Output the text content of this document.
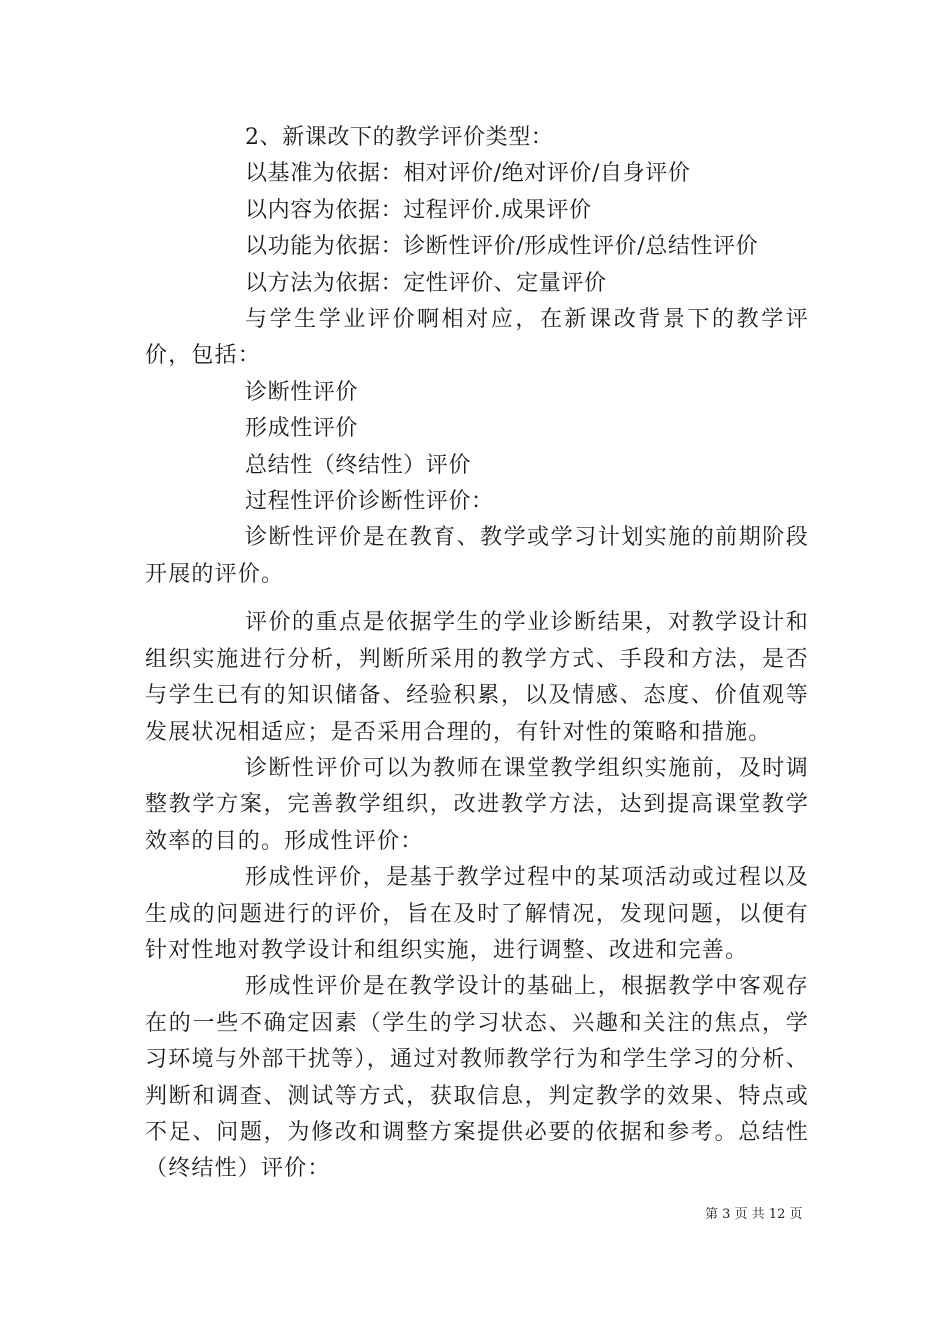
2、新课改下的教学评价类型：
以基准为依据：相对评价/绝对评价/自身评价
以内容为依据：过程评价.成果评价
以功能为依据：诊断性评价/形成性评价/总结性评价
以方法为依据：定性评价、定量评价

与学生学业评价啊相对应，在新课改背景下的教学评价，包括：

诊断性评价
形成性评价
总结性（终结性）评价
过程性评价诊断性评价：

诊断性评价是在教育、教学或学习计划实施的前期阶段开展的评价。

评价的重点是依据学生的学业诊断结果，对教学设计和组织实施进行分析，判断所采用的教学方式、手段和方法，是否与学生已有的知识储备、经验积累，以及情感、态度、价值观等发展状况相适应；是否采用合理的，有针对性的策略和措施。

诊断性评价可以为教师在课堂教学组织实施前，及时调整教学方案，完善教学组织，改进教学方法，达到提高课堂教学效率的目的。形成性评价：

形成性评价，是基于教学过程中的某项活动或过程以及生成的问题进行的评价，旨在及时了解情况，发现问题，以便有针对性地对教学设计和组织实施，进行调整、改进和完善。

形成性评价是在教学设计的基础上，根据教学中客观存在的一些不确定因素（学生的学习状态、兴趣和关注的焦点，学习环境与外部干扰等），通过对教师教学行为和学生学习的分析、判断和调查、测试等方式，获取信息，判定教学的效果、特点或不足、问题，为修改和调整方案提供必要的依据和参考。总结性（终结性）评价：

第 3 页 共 12 页
